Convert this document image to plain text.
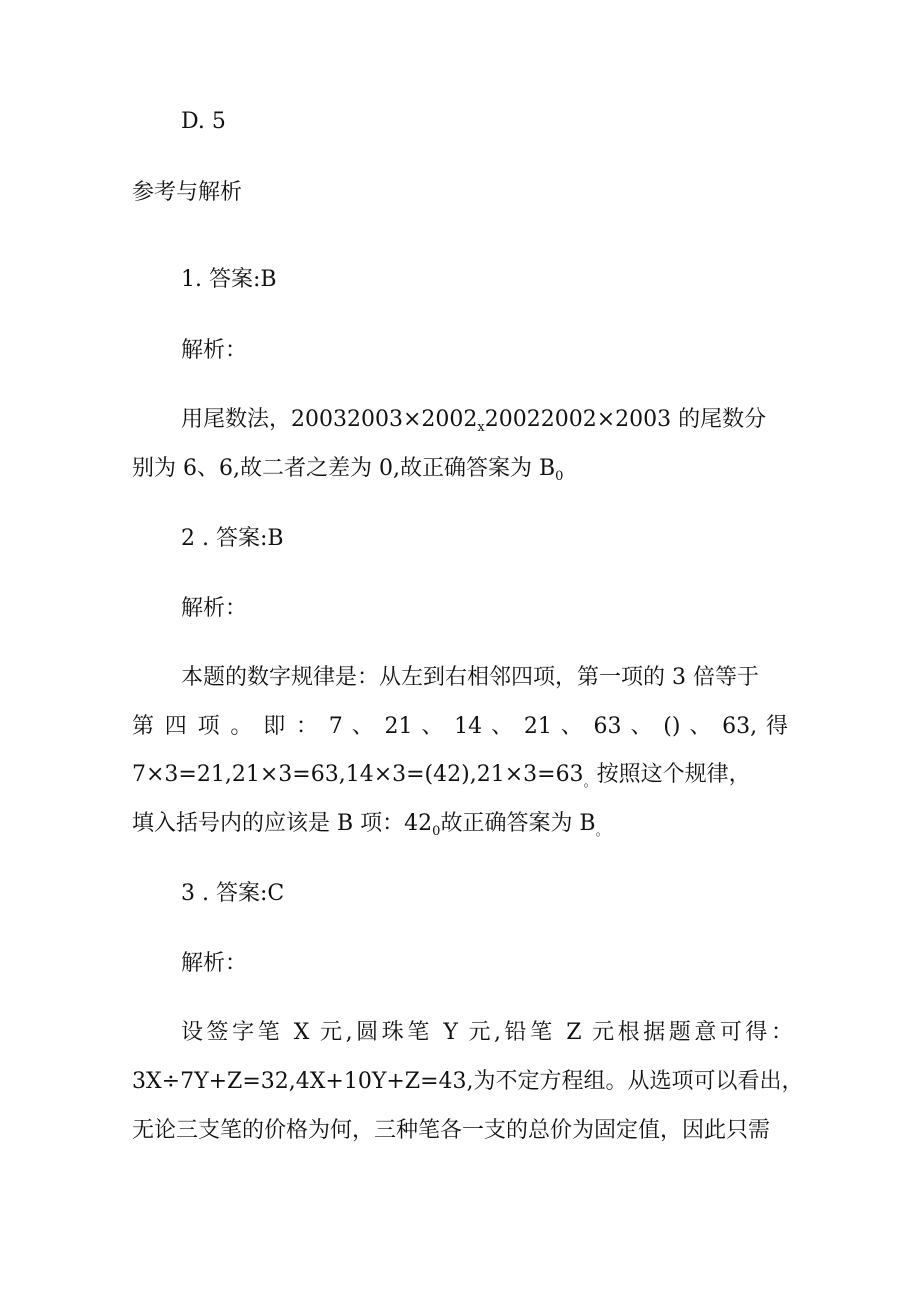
D. 5
参考与解析
1. 答案:B
解析：
用尾数法，$20032003\times 2002_x20022002\times 2003$ 的尾数分
别为 6、6,故二者之差为 0,故正确答案为 $B_0$
2 . 答案:B
解析：
本题的数字规律是：从左到右相邻四项，第一项的 3 倍等于
第 四 项 。 即 ： 7 、 21 、 14 、 21 、 63 、 () 、 63, 得
$7\times 3=21,21\times 3=63,14\times 3=(42),21\times 3=63_。$按照这个规律，
填入括号内的应该是 B 项：$42_0$故正确答案为 $B_。$
3 . 答案:C
解析：
设签字笔 X 元,圆珠笔 Y 元,铅笔 Z 元根据题意可得：
3X÷7Y+Z=32,4X+10Y+Z=43,为不定方程组。从选项可以看出，
无论三支笔的价格为何，三种笔各一支的总价为固定值，因此只需
